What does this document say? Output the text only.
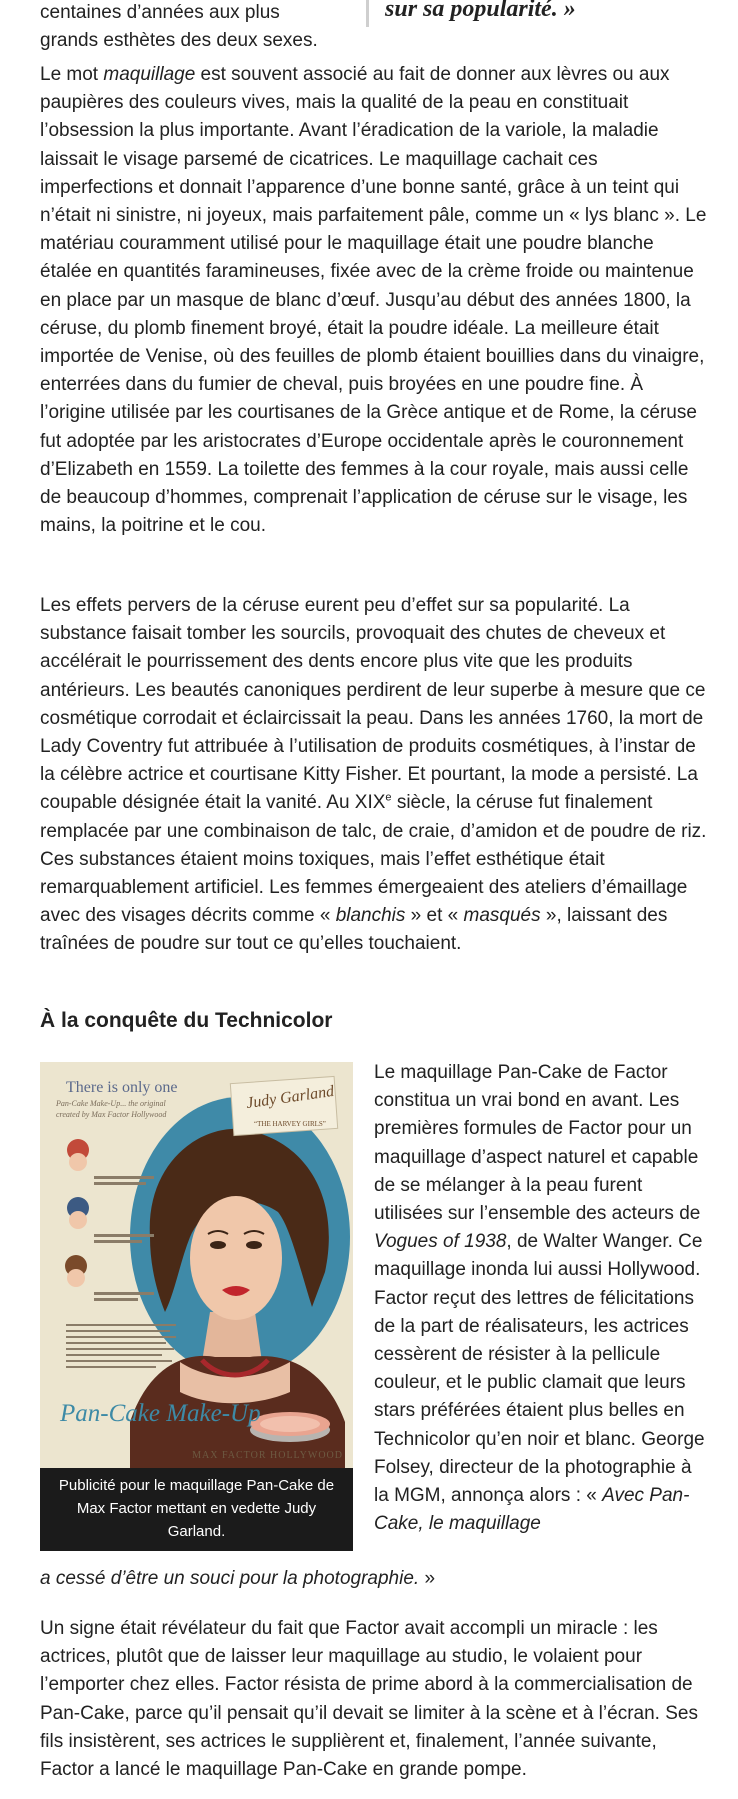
centaines d’années aux plus grands esthètes des deux sexes.

sur sa popularité. »

Le mot maquillage est souvent associé au fait de donner aux lèvres ou aux paupières des couleurs vives, mais la qualité de la peau en constituait l’obsession la plus importante. Avant l’éradication de la variole, la maladie laissait le visage parsemé de cicatrices. Le maquillage cachait ces imperfections et donnait l’apparence d’une bonne santé, grâce à un teint qui n’était ni sinistre, ni joyeux, mais parfaitement pâle, comme un « lys blanc ». Le matériau couramment utilisé pour le maquillage était une poudre blanche étalée en quantités faramineuses, fixée avec de la crème froide ou maintenue en place par un masque de blanc d’œuf. Jusqu’au début des années 1800, la céruse, du plomb finement broyé, était la poudre idéale. La meilleure était importée de Venise, où des feuilles de plomb étaient bouillies dans du vinaigre, enterrées dans du fumier de cheval, puis broyées en une poudre fine. À l’origine utilisée par les courtisanes de la Grèce antique et de Rome, la céruse fut adoptée par les aristocrates d’Europe occidentale après le couronnement d’Elizabeth en 1559. La toilette des femmes à la cour royale, mais aussi celle de beaucoup d’hommes, comprenait l’application de céruse sur le visage, les mains, la poitrine et le cou.

Les effets pervers de la céruse eurent peu d’effet sur sa popularité. La substance faisait tomber les sourcils, provoquait des chutes de cheveux et accélérait le pourrissement des dents encore plus vite que les produits antérieurs. Les beautés canoniques perdirent de leur superbe à mesure que ce cosmétique corrodait et éclaircissait la peau. Dans les années 1760, la mort de Lady Coventry fut attribuée à l’utilisation de produits cosmétiques, à l’instar de la célèbre actrice et courtisane Kitty Fisher. Et pourtant, la mode a persisté. La coupable désignée était la vanité. Au XIXe siècle, la céruse fut finalement remplacée par une combinaison de talc, de craie, d’amidon et de poudre de riz. Ces substances étaient moins toxiques, mais l’effet esthétique était remarquablement artificiel. Les femmes émergeaient des ateliers d’émaillage avec des visages décrits comme « blanchis » et « masqués », laissant des traînées de poudre sur tout ce qu’elles touchaient.

À la conquête du Technicolor
There is only one
Pan-Cake Make-Up... the original created by Max Factor Hollywood
Judy Garland
“THE HARVEY GIRLS”
Pan-Cake Make-Up
MAX FACTOR HOLLYWOOD
Publicité pour le maquillage Pan-Cake de Max Factor mettant en vedette Judy Garland.

Le maquillage Pan-Cake de Factor constitua un vrai bond en avant. Les premières formules de Factor pour un maquillage d’aspect naturel et capable de se mélanger à la peau furent utilisées sur l’ensemble des acteurs de Vogues of 1938, de Walter Wanger. Ce maquillage inonda lui aussi Hollywood. Factor reçut des lettres de félicitations de la part de réalisateurs, les actrices cessèrent de résister à la pellicule couleur, et le public clamait que leurs stars préférées étaient plus belles en Technicolor qu’en noir et blanc. George Folsey, directeur de la photographie à la MGM, annonça alors : « Avec Pan-Cake, le maquillage

a cessé d’être un souci pour la photographie. »

Un signe était révélateur du fait que Factor avait accompli un miracle : les actrices, plutôt que de laisser leur maquillage au studio, le volaient pour l’emporter chez elles. Factor résista de prime abord à la commercialisation de Pan-Cake, parce qu’il pensait qu’il devait se limiter à la scène et à l’écran. Ses fils insistèrent, ses actrices le supplièrent et, finalement, l’année suivante, Factor a lancé le maquillage Pan-Cake en grande pompe.
